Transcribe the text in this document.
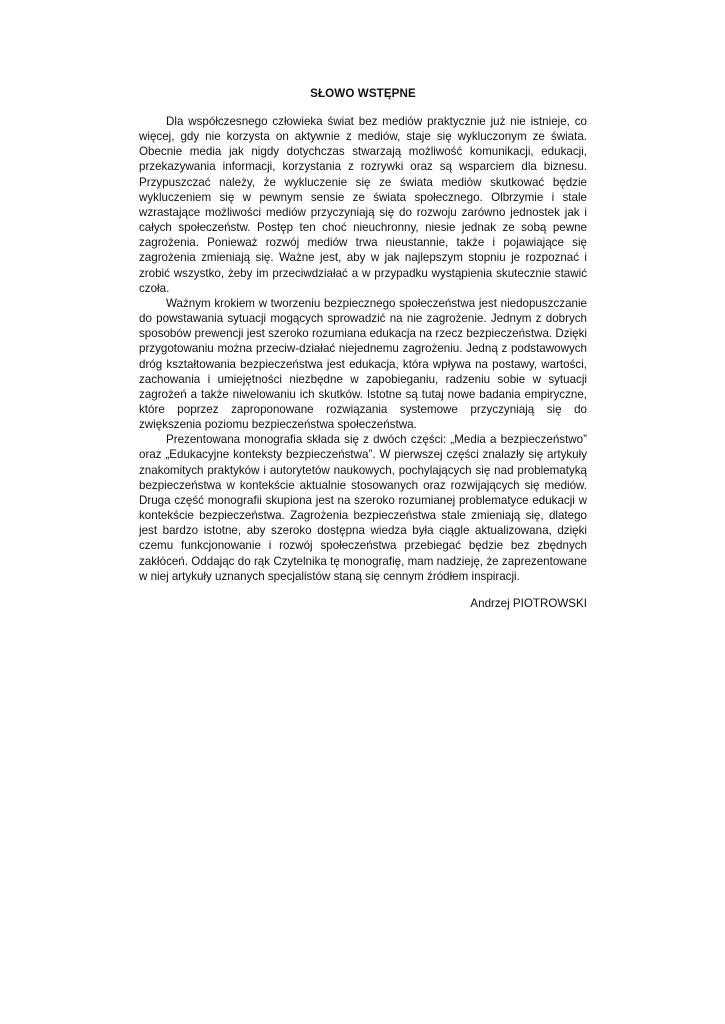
SŁOWO WSTĘPNE

Dla współczesnego człowieka świat bez mediów praktycznie już nie istnieje, co więcej, gdy nie korzysta on aktywnie z mediów, staje się wykluczonym ze świata. Obecnie media jak nigdy dotychczas stwarzają możliwość komunikacji, edukacji, przekazywania informacji, korzystania z rozrywki oraz są wsparciem dla biznesu. Przypuszczać należy, że wykluczenie się ze świata mediów skutkować będzie wykluczeniem się w pewnym sensie ze świata społecznego. Olbrzymie i stale wzrastające możliwości mediów przyczyniają się do rozwoju zarówno jednostek jak i całych społeczeństw. Postęp ten choć nieuchronny, niesie jednak ze sobą pewne zagrożenia. Ponieważ rozwój mediów trwa nieustannie, także i pojawiające się zagrożenia zmieniają się. Ważne jest, aby w jak najlepszym stopniu je rozpoznać i zrobić wszystko, żeby im przeciwdziałać a w przypadku wystąpienia skutecznie stawić czoła.

Ważnym krokiem w tworzeniu bezpiecznego społeczeństwa jest niedopuszczanie do powstawania sytuacji mogących sprowadzić na nie zagrożenie. Jednym z dobrych sposobów prewencji jest szeroko rozumiana edukacja na rzecz bezpieczeństwa. Dzięki przygotowaniu można przeciw-działać niejednemu zagrożeniu. Jedną z podstawowych dróg kształtowania bezpieczeństwa jest edukacja, która wpływa na postawy, wartości, zachowania i umiejętności niezbędne w zapobieganiu, radzeniu sobie w sytuacji zagrożeń a także niwelowaniu ich skutków. Istotne są tutaj nowe badania empiryczne, które poprzez zaproponowane rozwiązania systemowe przyczyniają się do zwiększenia poziomu bezpieczeństwa społeczeństwa.

Prezentowana monografia składa się z dwóch części: „Media a bezpieczeństwo” oraz „Edukacyjne konteksty bezpieczeństwa”. W pierwszej części znalazły się artykuły znakomitych praktyków i autorytetów naukowych, pochylających się nad problematyką bezpieczeństwa w kontekście aktualnie stosowanych oraz rozwijających się mediów. Druga część monografii skupiona jest na szeroko rozumianej problematyce edukacji w kontekście bezpieczeństwa. Zagrożenia bezpieczeństwa stale zmieniają się, dlatego jest bardzo istotne, aby szeroko dostępna wiedza była ciągle aktualizowana, dzięki czemu funkcjonowanie i rozwój społeczeństwa przebiegać będzie bez zbędnych zakłóceń. Oddając do rąk Czytelnika tę monografię, mam nadzieję, że zaprezentowane w niej artykuły uznanych specjalistów staną się cennym źródłem inspiracji.

Andrzej PIOTROWSKI
